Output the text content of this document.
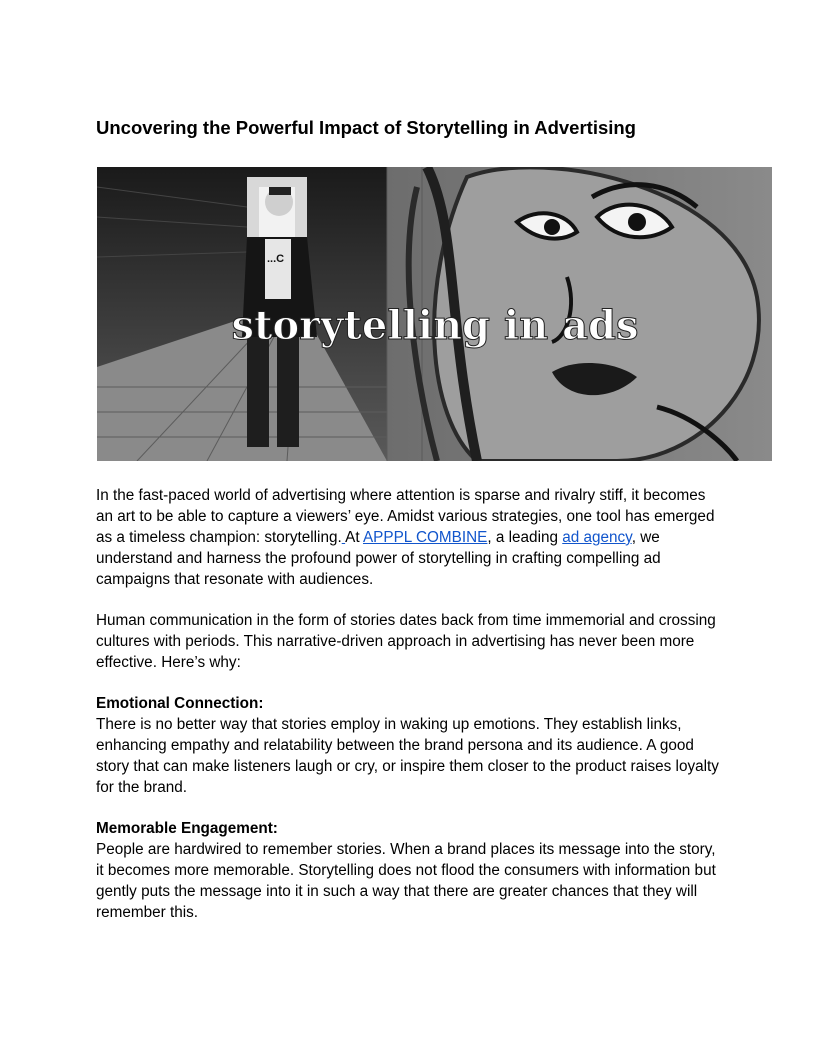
Uncovering the Powerful Impact of Storytelling in Advertising
...C
storytelling in ads

In the fast-paced world of advertising where attention is sparse and rivalry stiff, it becomes an art to be able to capture a viewers’ eye. Amidst various strategies, one tool has emerged as a timeless champion: storytelling. At APPPL COMBINE, a leading ad agency, we understand and harness the profound power of storytelling in crafting compelling ad campaigns that resonate with audiences.

Human communication in the form of stories dates back from time immemorial and crossing cultures with periods. This narrative-driven approach in advertising has never been more effective. Here’s why:

Emotional Connection:
There is no better way that stories employ in waking up emotions. They establish links, enhancing empathy and relatability between the brand persona and its audience. A good story that can make listeners laugh or cry, or inspire them closer to the product raises loyalty for the brand.

Memorable Engagement:
People are hardwired to remember stories. When a brand places its message into the story, it becomes more memorable. Storytelling does not flood the consumers with information but gently puts the message into it in such a way that there are greater chances that they will remember this.
